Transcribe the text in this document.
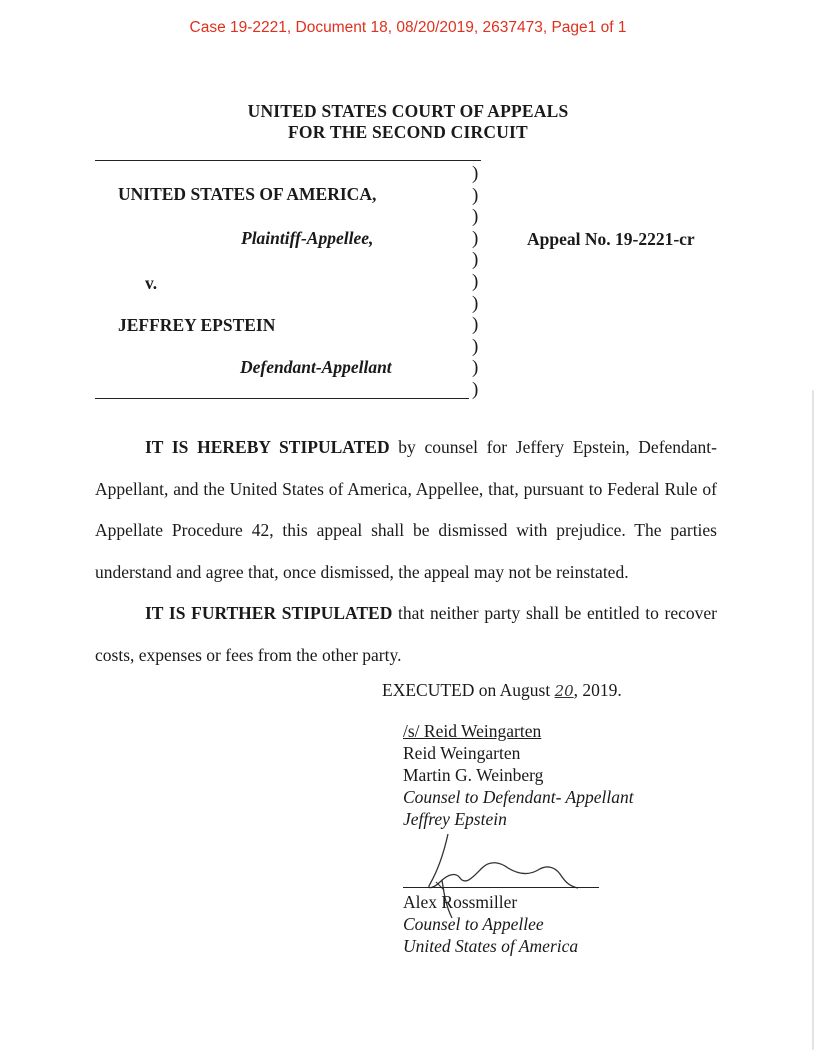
Case 19-2221, Document 18, 08/20/2019, 2637473, Page1 of 1
UNITED STATES COURT OF APPEALS
FOR THE SECOND CIRCUIT
)
)
)
)
)
)
)
)
)
)
)
UNITED STATES OF AMERICA,
Plaintiff-Appellee,
v.
JEFFREY EPSTEIN
Defendant-Appellant
Appeal No. 19-2221-cr
IT IS HEREBY STIPULATED by counsel for Jeffery Epstein, Defendant-Appellant, and the United States of America, Appellee, that, pursuant to Federal Rule of Appellate Procedure 42, this appeal shall be dismissed with prejudice. The parties understand and agree that, once dismissed, the appeal may not be reinstated.
IT IS FURTHER STIPULATED that neither party shall be entitled to recover costs, expenses or fees from the other party.
EXECUTED on August 20, 2019.
/s/ Reid Weingarten
Reid Weingarten
Martin G. Weinberg
Counsel to Defendant- Appellant
Jeffrey Epstein
Alex Rossmiller
Counsel to Appellee
United States of America
